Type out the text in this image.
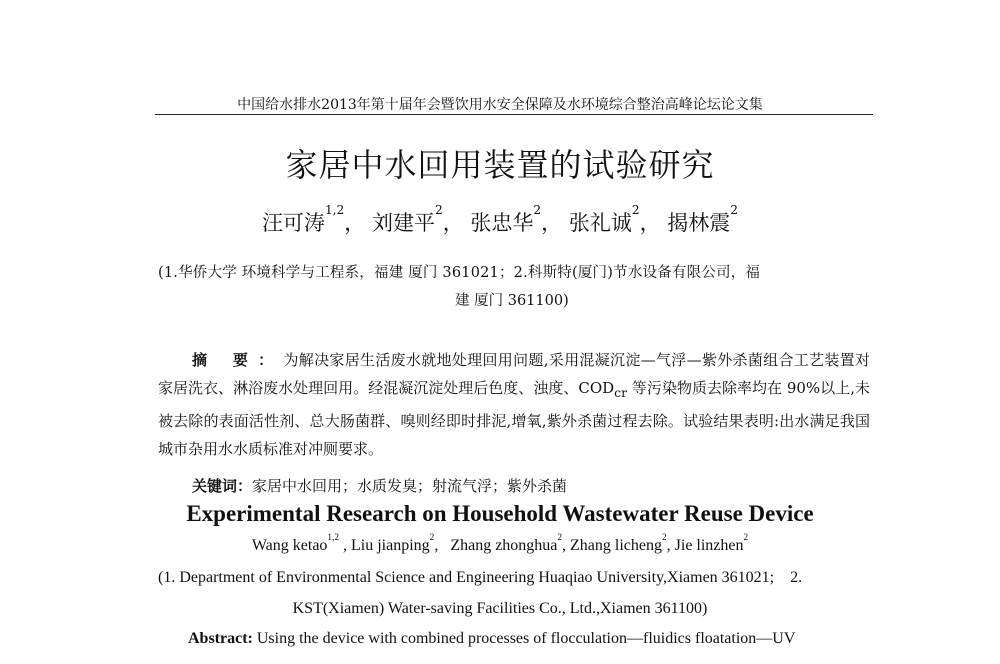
中国给水排水2013年第十届年会暨饮用水安全保障及水环境综合整治高峰论坛论文集
家居中水回用装置的试验研究
汪可涛$^{1,2}$， 刘建平$^2$， 张忠华$^2$， 张礼诚$^2$， 揭林震$^2$
(1.华侨大学 环境科学与工程系，福建 厦门 361021；2.科斯特(厦门)节水设备有限公司，福
建 厦门 361100)
摘 要：为解决家居生活废水就地处理回用问题,采用混凝沉淀—气浮—紫外杀菌组合工艺装置对家居洗衣、淋浴废水处理回用。经混凝沉淀处理后色度、浊度、$COD_{cr}$ 等污染物质去除率均在 90%以上,未被去除的表面活性剂、总大肠菌群、嗅则经即时排泥,增氧,紫外杀菌过程去除。试验结果表明:出水满足我国城市杂用水水质标准对冲厕要求。
关键词：家居中水回用；水质发臭；射流气浮；紫外杀菌
Experimental Research on Household Wastewater Reuse Device
Wang ketao$^{1,2}$ , Liu jianping$^2$,   Zhang zhonghua$^2$, Zhang licheng$^2$, Jie linzhen$^2$
(1. Department of Environmental Science and Engineering Huaqiao University,Xiamen 361021;    2.
KST(Xiamen) Water-saving Facilities Co., Ltd.,Xiamen 361100)
Abstract: Using the device with combined processes of flocculation—fluidics floatation—UV
